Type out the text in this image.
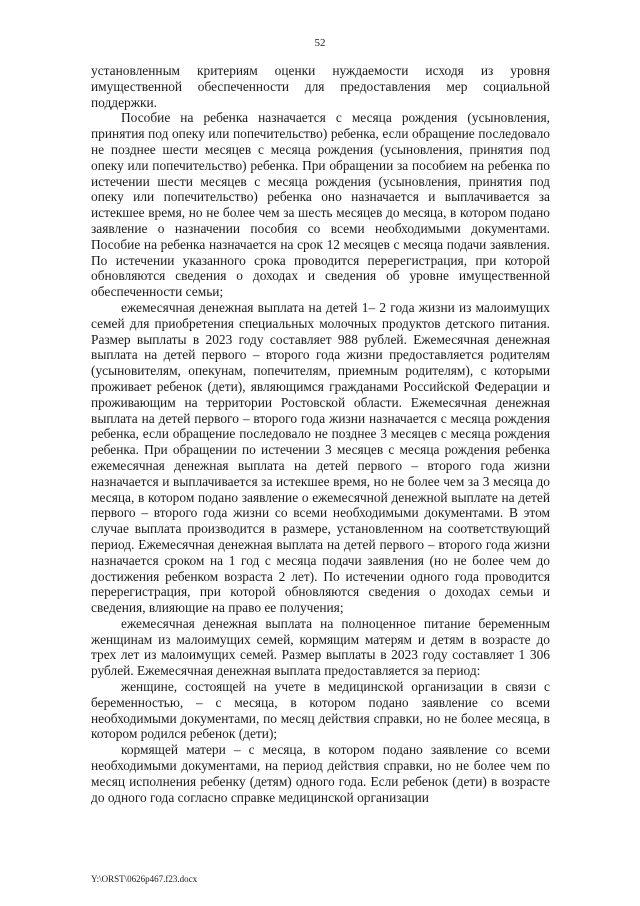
52

установленным критериям оценки нуждаемости исходя из уровня имущественной обеспеченности для предоставления мер социальной поддержки.

Пособие на ребенка назначается с месяца рождения (усыновления, принятия под опеку или попечительство) ребенка, если обращение последовало не позднее шести месяцев с месяца рождения (усыновления, принятия под опеку или попечительство) ребенка. При обращении за пособием на ребенка по истечении шести месяцев с месяца рождения (усыновления, принятия под опеку или попечительство) ребенка оно назначается и выплачивается за истекшее время, но не более чем за шесть месяцев до месяца, в котором подано заявление о назначении пособия со всеми необходимыми документами. Пособие на ребенка назначается на срок 12 месяцев с месяца подачи заявления. По истечении указанного срока проводится перерегистрация, при которой обновляются сведения о доходах и сведения об уровне имущественной обеспеченности семьи;

ежемесячная денежная выплата на детей 1– 2 года жизни из малоимущих семей для приобретения специальных молочных продуктов детского питания. Размер выплаты в 2023 году составляет 988 рублей. Ежемесячная денежная выплата на детей первого – второго года жизни предоставляется родителям (усыновителям, опекунам, попечителям, приемным родителям), с которыми проживает ребенок (дети), являющимся гражданами Российской Федерации и проживающим на территории Ростовской области. Ежемесячная денежная выплата на детей первого – второго года жизни назначается с месяца рождения ребенка, если обращение последовало не позднее 3 месяцев с месяца рождения ребенка. При обращении по истечении 3 месяцев с месяца рождения ребенка ежемесячная денежная выплата на детей первого – второго года жизни назначается и выплачивается за истекшее время, но не более чем за 3 месяца до месяца, в котором подано заявление о ежемесячной денежной выплате на детей первого – второго года жизни со всеми необходимыми документами. В этом случае выплата производится в размере, установленном на соответствующий период. Ежемесячная денежная выплата на детей первого – второго года жизни назначается сроком на 1 год с месяца подачи заявления (но не более чем до достижения ребенком возраста 2 лет). По истечении одного года проводится перерегистрация, при которой обновляются сведения о доходах семьи и сведения, влияющие на право ее получения;

ежемесячная денежная выплата на полноценное питание беременным женщинам из малоимущих семей, кормящим матерям и детям в возрасте до трех лет из малоимущих семей. Размер выплаты в 2023 году составляет 1 306 рублей. Ежемесячная денежная выплата предоставляется за период:

женщине, состоящей на учете в медицинской организации в связи с беременностью, – с месяца, в котором подано заявление со всеми необходимыми документами, по месяц действия справки, но не более месяца, в котором родился ребенок (дети);

кормящей матери – с месяца, в котором подано заявление со всеми необходимыми документами, на период действия справки, но не более чем по месяц исполнения ребенку (детям) одного года. Если ребенок (дети) в возрасте до одного года согласно справке медицинской организации

Y:\ORST\0626p467.f23.docx
